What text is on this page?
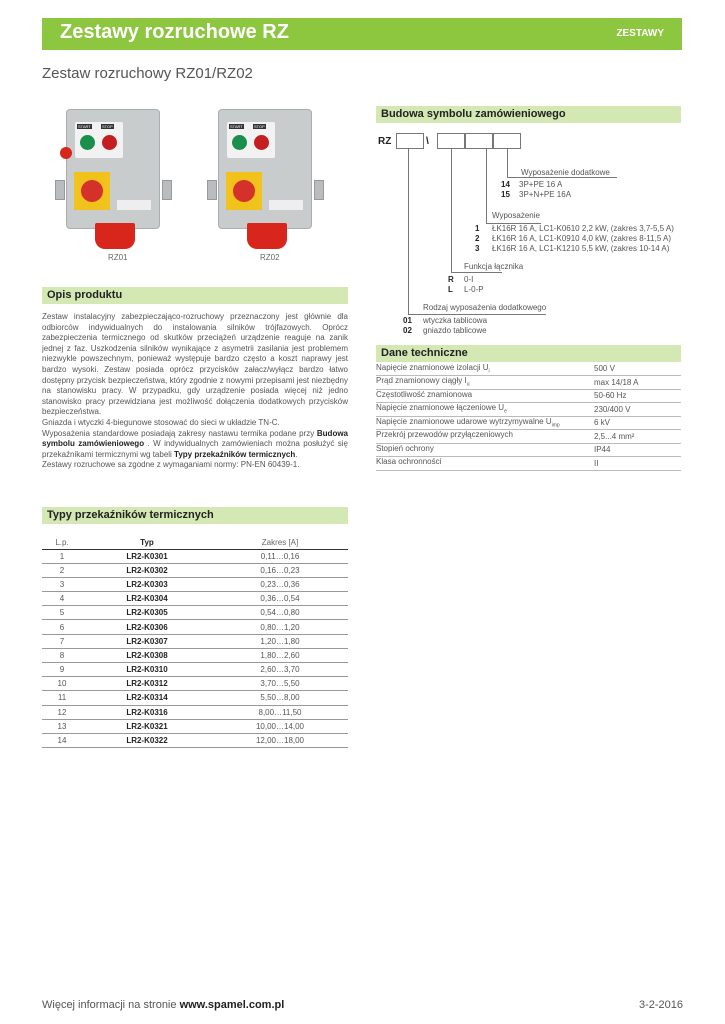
Zestawy rozruchowe RZ	ZESTAWY
Zestaw rozruchowy RZ01/RZ02
START	STOP
RZ01
START	STOP
RZ02
Opis produktu

Zestaw instalacyjny zabezpieczająco-rozruchowy przeznaczony jest głównie dla odbiorców indywidualnych do instalowania silników trójfazowych. Oprócz zabezpieczenia termicznego od skutków przeciążeń urządzenie reaguje na zanik jednej z faz. Uszkodzenia silników wynikające z asymetrii zasilania jest problemem niezwykle powszechnym, ponieważ występuje bardzo często a koszt naprawy jest bardzo wysoki. Zestaw posiada oprócz przycisków załacz/wyłącz bardzo łatwo dostępny przycisk bezpieczeństwa, który zgodnie z nowymi przepisami jest niezbędny na stanowisku pracy. W przypadku, gdy urządzenie posiada więcej niż jedno stanowisko pracy przewidziana jest możliwość dołączenia dodatkowych przycisków bezpieczeństwa.

Gniazda i wtyczki 4-biegunowe stosować do sieci w układzie TN-C.

Wyposażenia standardowe posiadają zakresy nastawu termika podane przy Budowa symbolu zamówieniowego . W indywidualnych zamówieniach można posłużyć się przekaźnikami termicznymi wg tabeli Typy przekaźników termicznych.

Zestawy rozruchowe sa zgodne z wymaganiami normy: PN-EN 60439-1.

Typy przekaźników termicznych
L.p.	Typ	Zakres [A]
1	LR2-K0301	0,11…0,16
2	LR2-K0302	0,16…0,23
3	LR2-K0303	0,23…0,36
4	LR2-K0304	0,36…0,54
5	LR2-K0305	0,54…0,80
6	LR2-K0306	0,80…1,20
7	LR2-K0307	1,20…1,80
8	LR2-K0308	1,80…2,60
9	LR2-K0310	2,60…3,70
10	LR2-K0312	3,70…5,50
11	LR2-K0314	5,50…8,00
12	LR2-K0316	8,00…11,50
13	LR2-K0321	10,00…14,00
14	LR2-K0322	12,00…18,00
Budowa symbolu zamówieniowego
RZ	\
Wyposażenie dodatkowe
14 3P+PE 16 A
15 3P+N+PE 16A
Wyposażenie
1 ŁK16R 16 A, LC1-K0610 2,2 kW, (zakres 3,7-5,5 A)
2 ŁK16R 16 A, LC1-K0910 4,0 kW, (zakres 8-11,5 A)
3 ŁK16R 16 A, LC1-K1210 5,5 kW, (zakres 10-14 A)
Funkcja łącznika
R 0-I
L L-0-P
Rodzaj wyposażenia dodatkowego
01 wtyczka tablicowa
02 gniazdo tablicowe
Dane techniczne
Napięcie znamionowe izolacji $U_i$	500 V
Prąd znamionowy ciągły $I_u$	max 14/18 A
Częstotliwość znamionowa	50-60 Hz
Napięcie znamionowe łączeniowe $U_e$	230/400 V
Napięcie znamionowe udarowe wytrzymywalne $U_{imp}$	6 kV
Przekrój przewodów przyłączeniowych	2,5...4 mm²
Stopień ochrony	IP44
Klasa ochronności	II
Więcej informacji na stronie www.spamel.com.pl	3-2-2016
